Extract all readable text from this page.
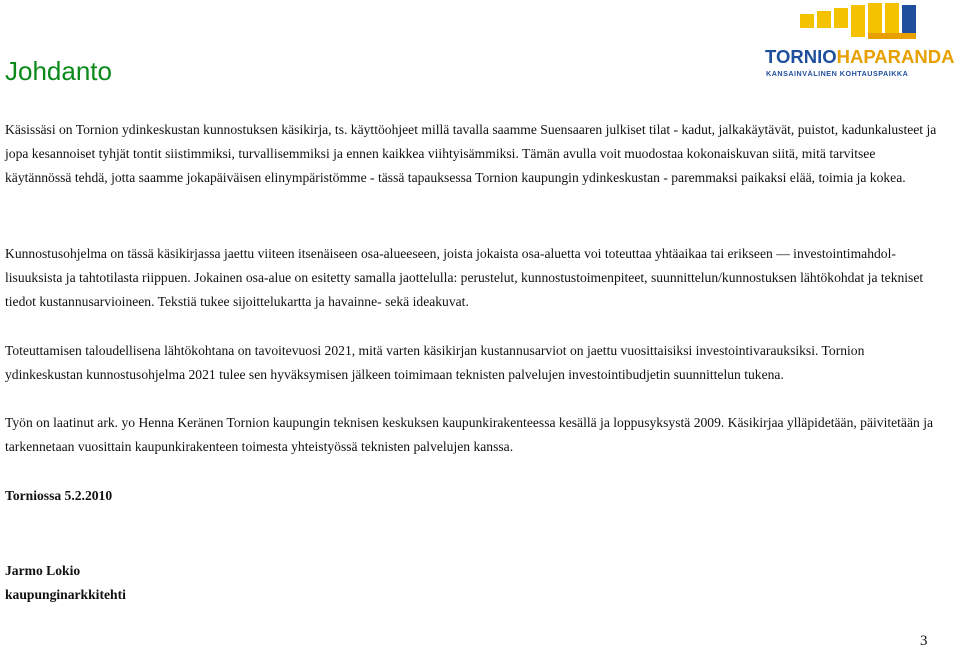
Johdanto	TORNIOHAPARANDA
KANSAINVÄLINEN KOHTAUSPAIKKA

Käsissäsi on Tornion ydinkeskustan kunnostuksen käsikirja, ts. käyttöohjeet millä tavalla saamme Suensaaren julkiset tilat - kadut, jalkakäytävät, puistot, kadunkalusteet ja jopa kesannoiset tyhjät tontit siistimmiksi, turvallisemmiksi ja ennen kaikkea viihtyisämmiksi. Tämän avulla voit muodostaa kokonaiskuvan siitä, mitä tarvitsee käytännössä tehdä, jotta saamme jokapäiväisen elinympäristömme - tässä tapauksessa Tornion kaupungin ydinkeskustan - paremmaksi paikaksi elää, toimia ja kokea.

Kunnostusohjelma on tässä käsikirjassa jaettu viiteen itsenäiseen osa-alueeseen, joista jokaista osa-aluetta voi toteuttaa yhtäaikaa tai erikseen — investointimahdol-lisuuksista ja tahtotilasta riippuen. Jokainen osa-alue on esitetty samalla jaottelulla: perustelut, kunnostustoimenpiteet, suunnittelun/kunnostuksen lähtökohdat ja tekniset tiedot kustannusarvioineen. Tekstiä tukee sijoittelukartta ja havainne- sekä ideakuvat.

Toteuttamisen taloudellisena lähtökohtana on tavoitevuosi 2021, mitä varten käsikirjan kustannusarviot on jaettu vuosittaisiksi investointivarauksiksi. Tornion ydinkeskustan kunnostusohjelma 2021 tulee sen hyväksymisen jälkeen toimimaan teknisten palvelujen investointibudjetin suunnittelun tukena.

Työn on laatinut ark. yo Henna Keränen Tornion kaupungin teknisen keskuksen kaupunkirakenteessa kesällä ja loppusyksystä 2009. Käsikirjaa ylläpidetään, päivitetään ja tarkennetaan vuosittain kaupunkirakenteen toimesta yhteistyössä teknisten palvelujen kanssa.

Torniossa 5.2.2010

Jarmo Lokio

kaupunginarkkitehti

3
